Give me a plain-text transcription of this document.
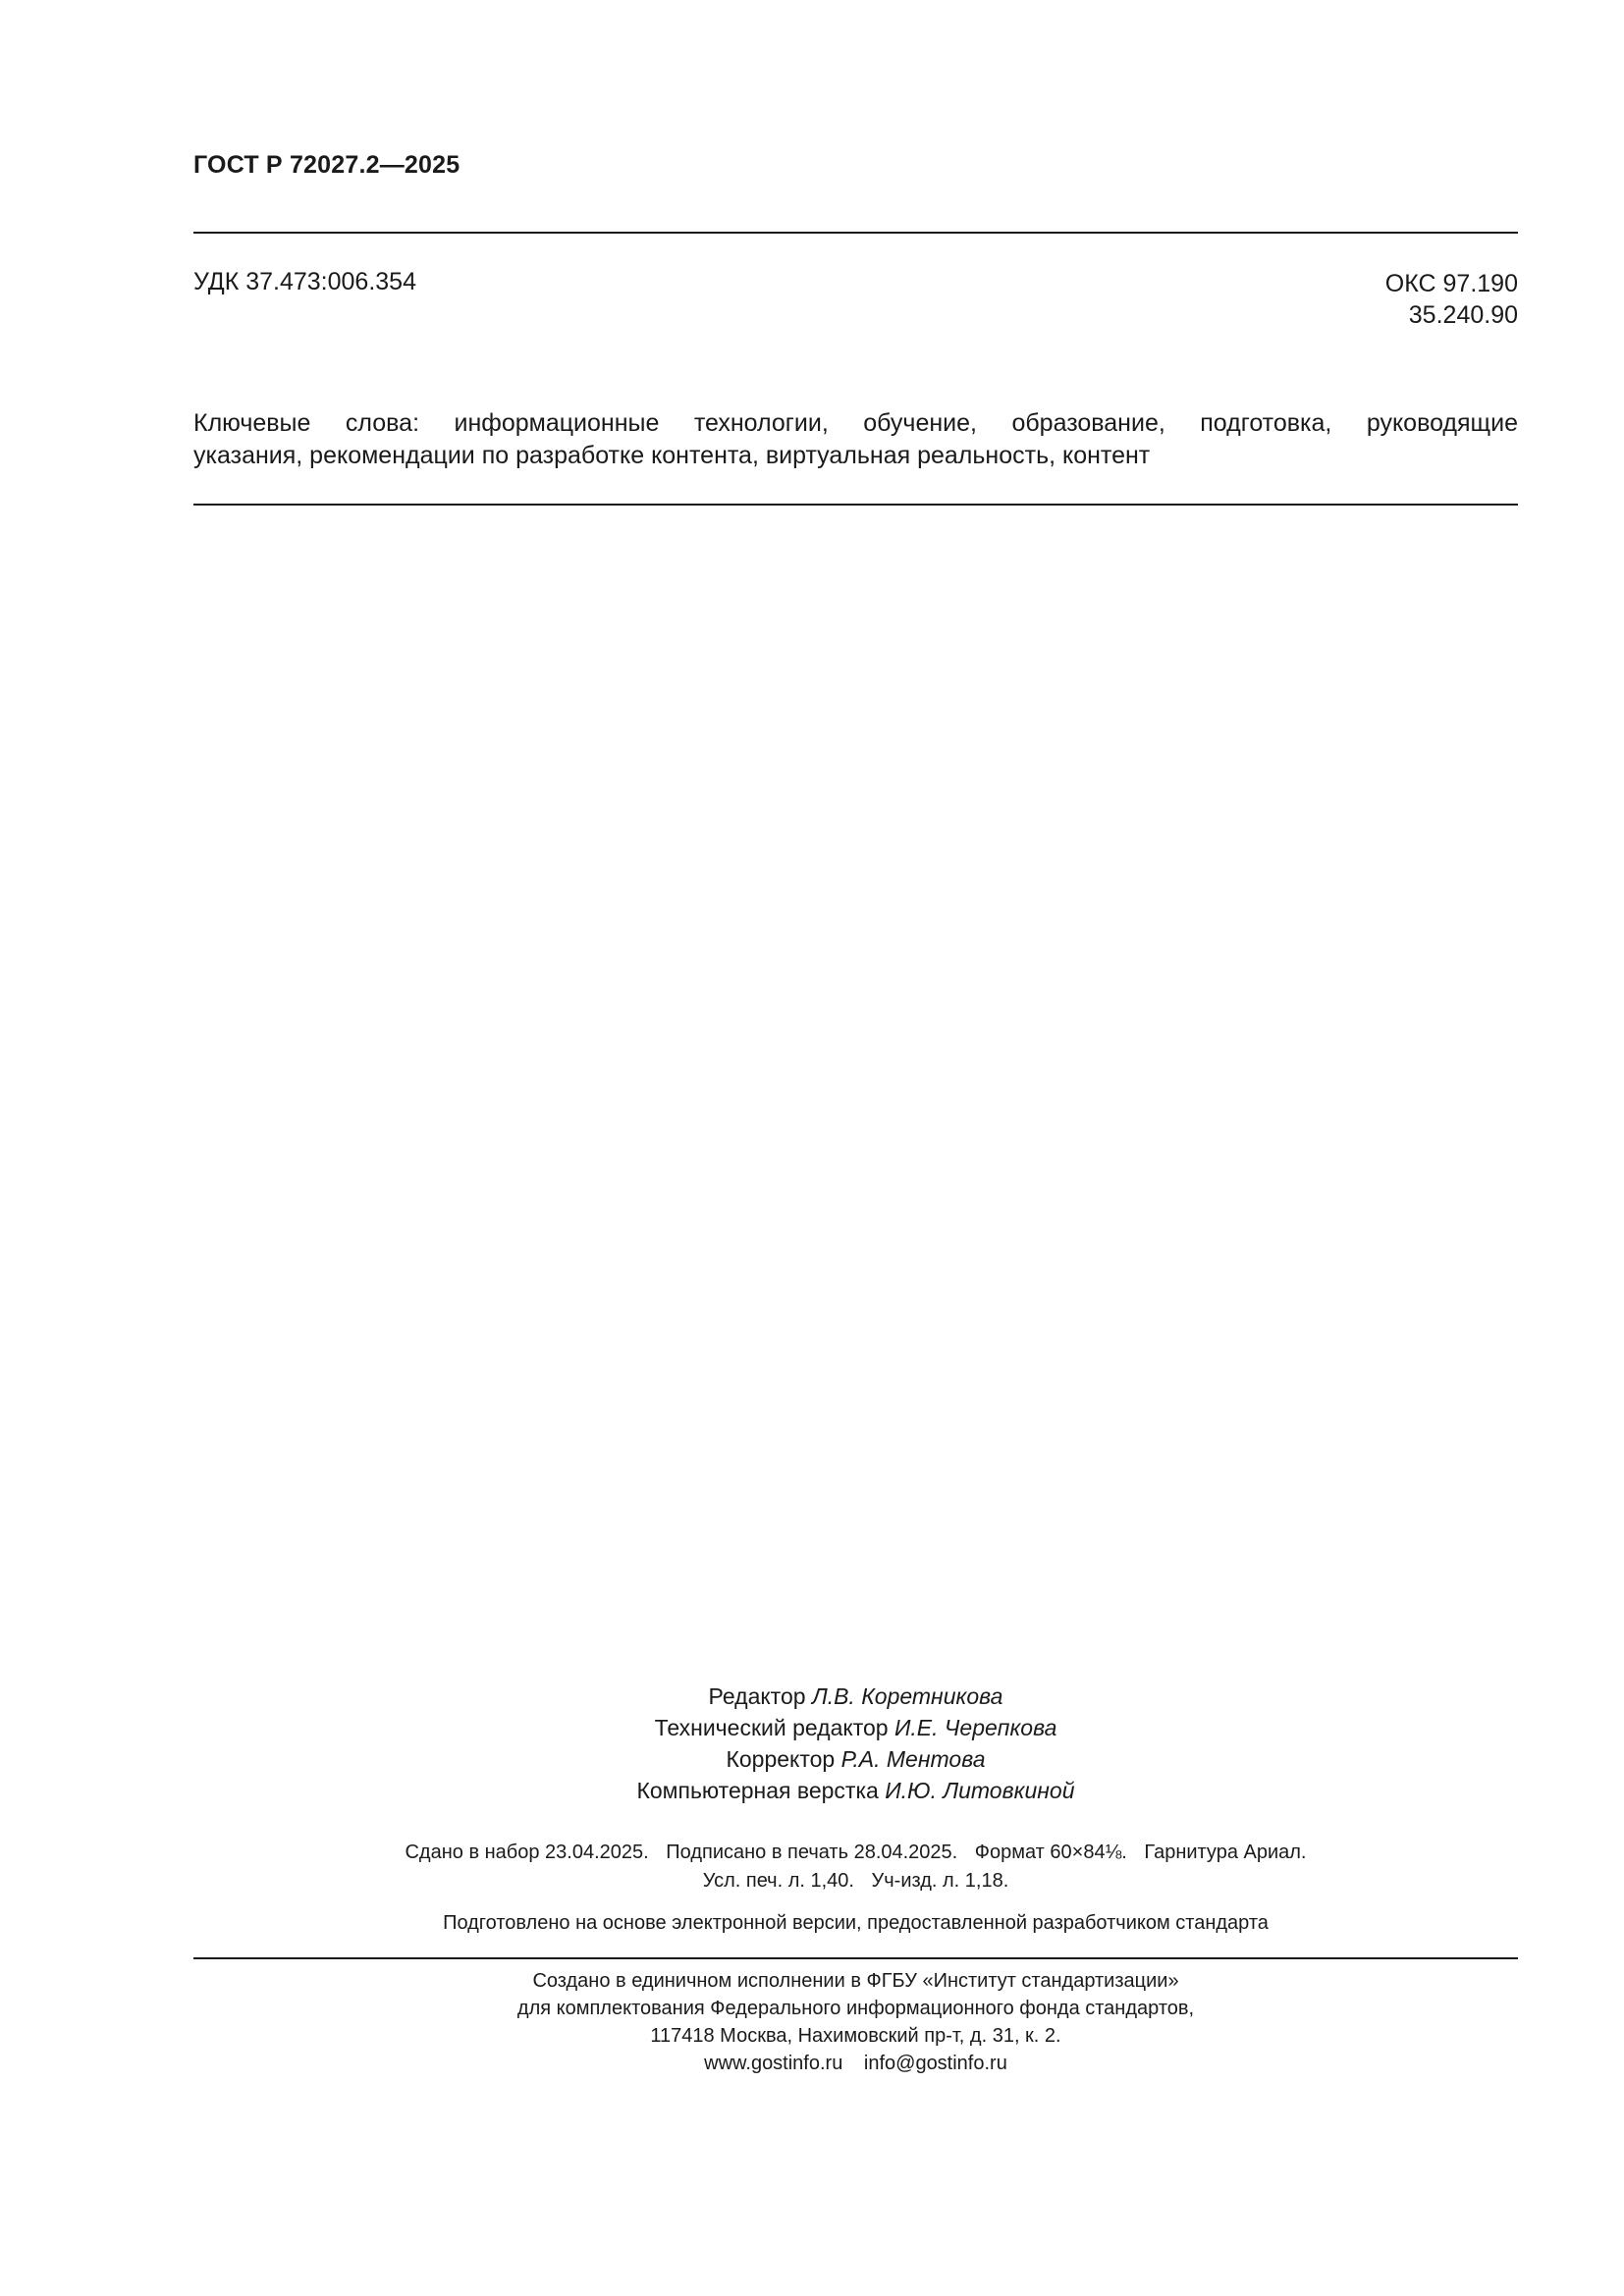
ГОСТ Р 72027.2—2025
УДК 37.473:006.354	ОКС 97.190
35.240.90

Ключевые слова: информационные технологии, обучение, образование, подготовка, руководящие

указания, рекомендации по разработке контента, виртуальная реальность, контент

Редактор Л.В. Коретникова
Технический редактор И.Е. Черепкова
Корректор Р.А. Ментова
Компьютерная верстка И.Ю. Литовкиной
Сдано в набор 23.04.2025. Подписано в печать 28.04.2025. Формат 60×84⅛. Гарнитура Ариал.
Усл. печ. л. 1,40. Уч-изд. л. 1,18.
Подготовлено на основе электронной версии, предоставленной разработчиком стандарта
Создано в единичном исполнении в ФГБУ «Институт стандартизации»
для комплектования Федерального информационного фонда стандартов,
117418 Москва, Нахимовский пр-т, д. 31, к. 2.
www.gostinfo.ru info@gostinfo.ru
